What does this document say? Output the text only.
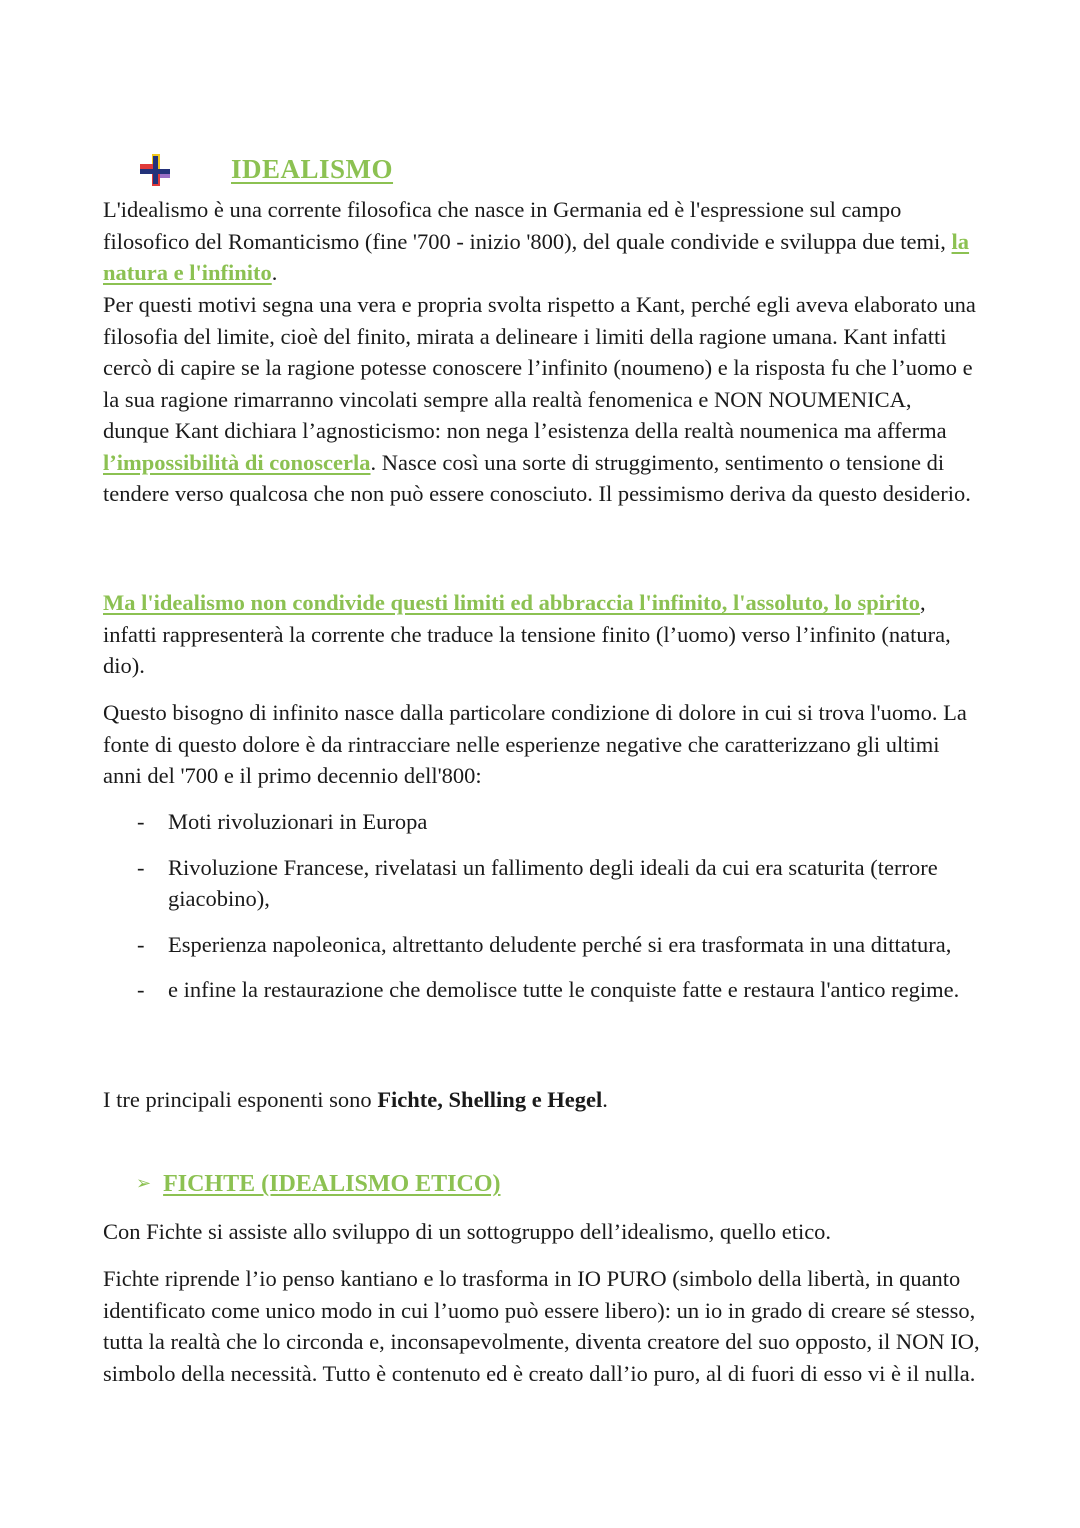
IDEALISMO

L'idealismo è una corrente filosofica che nasce in Germania ed è l'espressione sul campo filosofico del Romanticismo (fine '700 - inizio '800), del quale condivide e sviluppa due temi, la natura e l'infinito.

Per questi motivi segna una vera e propria svolta rispetto a Kant, perché egli aveva elaborato una filosofia del limite, cioè del finito, mirata a delineare i limiti della ragione umana. Kant infatti cercò di capire se la ragione potesse conoscere l’infinito (noumeno) e la risposta fu che l’uomo e la sua ragione rimarranno vincolati sempre alla realtà fenomenica e NON NOUMENICA, dunque Kant dichiara l’agnosticismo: non nega l’esistenza della realtà noumenica ma afferma l’impossibilità di conoscerla. Nasce così una sorte di struggimento, sentimento o tensione di tendere verso qualcosa che non può essere conosciuto. Il pessimismo deriva da questo desiderio.

Ma l'idealismo non condivide questi limiti ed abbraccia l'infinito, l'assoluto, lo spirito, infatti rappresenterà la corrente che traduce la tensione finito (l’uomo) verso l’infinito (natura, dio).

Questo bisogno di infinito nasce dalla particolare condizione di dolore in cui si trova l'uomo. La fonte di questo dolore è da rintracciare nelle esperienze negative che caratterizzano gli ultimi anni del '700 e il primo decennio dell'800:

- Moti rivoluzionari in Europa
- Rivoluzione Francese, rivelatasi un fallimento degli ideali da cui era scaturita (terrore giacobino),
- Esperienza napoleonica, altrettanto deludente perché si era trasformata in una dittatura,
- e infine la restaurazione che demolisce tutte le conquiste fatte e restaura l'antico regime.

I tre principali esponenti sono Fichte, Shelling e Hegel.

➢ FICHTE (IDEALISMO ETICO)

Con Fichte si assiste allo sviluppo di un sottogruppo dell’idealismo, quello etico.

Fichte riprende l’io penso kantiano e lo trasforma in IO PURO (simbolo della libertà, in quanto identificato come unico modo in cui l’uomo può essere libero): un io in grado di creare sé stesso, tutta la realtà che lo circonda e, inconsapevolmente, diventa creatore del suo opposto, il NON IO, simbolo della necessità. Tutto è contenuto ed è creato dall’io puro, al di fuori di esso vi è il nulla.
